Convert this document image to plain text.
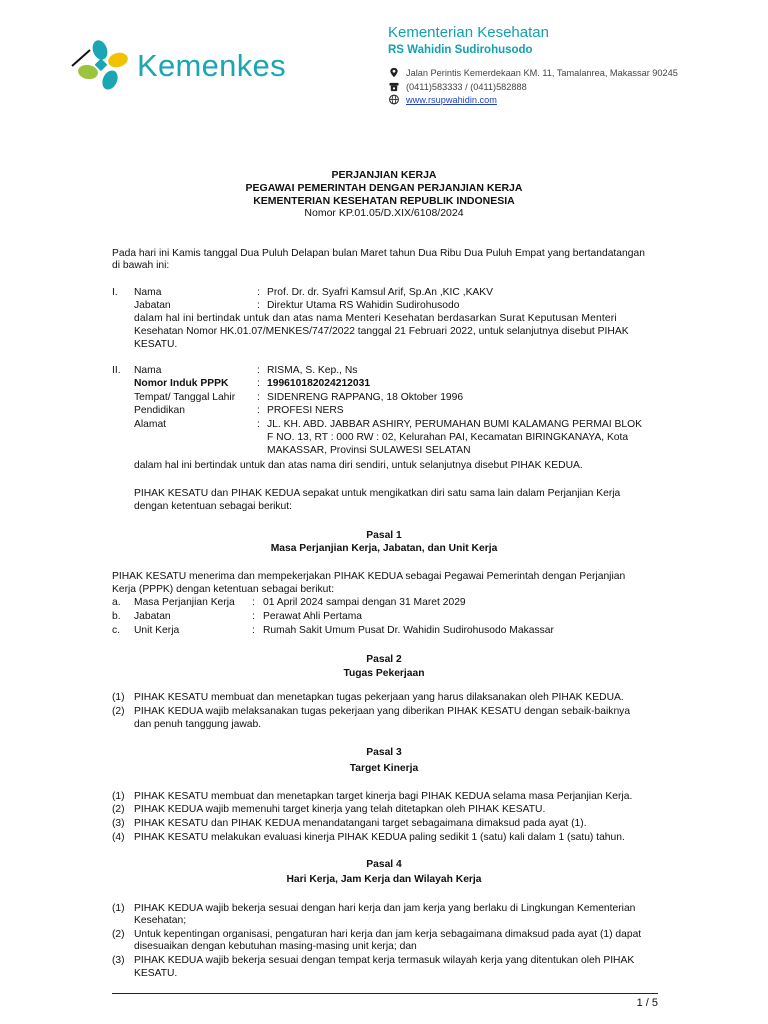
Kemenkes
Kementerian Kesehatan
RS Wahidin Sudirohusodo
Jalan Perintis Kemerdekaan KM. 11, Tamalanrea, Makassar 90245
(0411)583333 / (0411)582888
www.rsupwahidin.com
PERJANJIAN KERJA
PEGAWAI PEMERINTAH DENGAN PERJANJIAN KERJA
KEMENTERIAN KESEHATAN REPUBLIK INDONESIA
Nomor KP.01.05/D.XIX/6108/2024
Pada hari ini Kamis tanggal Dua Puluh Delapan bulan Maret tahun Dua Ribu Dua Puluh Empat yang bertandatangan
di bawah ini:
I. Nama	: Prof. Dr. dr. Syafri Kamsul Arif, Sp.An ,KIC ,KAKV
Jabatan	: Direktur Utama RS Wahidin Sudirohusodo
dalam hal ini bertindak untuk dan atas nama Menteri Kesehatan berdasarkan Surat Keputusan Menteri
Kesehatan Nomor HK.01.07/MENKES/747/2022 tanggal 21 Februari 2022, untuk selanjutnya disebut PIHAK
KESATU.
II. Nama	: RISMA, S. Kep., Ns
Nomor Induk PPPK	: 199610182024212031
Tempat/ Tanggal Lahir : SIDENRENG RAPPANG, 18 Oktober 1996
Pendidikan	: PROFESI NERS
Alamat	: JL. KH. ABD. JABBAR ASHIRY, PERUMAHAN BUMI KALAMANG PERMAI BLOK
F NO. 13, RT : 000 RW : 02, Kelurahan PAI, Kecamatan BIRINGKANAYA, Kota
MAKASSAR, Provinsi SULAWESI SELATAN
dalam hal ini bertindak untuk dan atas nama diri sendiri, untuk selanjutnya disebut PIHAK KEDUA.
PIHAK KESATU dan PIHAK KEDUA sepakat untuk mengikatkan diri satu sama lain dalam Perjanjian Kerja
dengan ketentuan sebagai berikut:
Pasal 1
Masa Perjanjian Kerja, Jabatan, dan Unit Kerja
PIHAK KESATU menerima dan mempekerjakan PIHAK KEDUA sebagai Pegawai Pemerintah dengan Perjanjian
Kerja (PPPK) dengan ketentuan sebagai berikut:
a. Masa Perjanjian Kerja : 01 April 2024 sampai dengan 31 Maret 2029
b. Jabatan	: Perawat Ahli Pertama
c. Unit Kerja	: Rumah Sakit Umum Pusat Dr. Wahidin Sudirohusodo Makassar
Pasal 2
Tugas Pekerjaan
(1) PIHAK KESATU membuat dan menetapkan tugas pekerjaan yang harus dilaksanakan oleh PIHAK KEDUA.
(2) PIHAK KEDUA wajib melaksanakan tugas pekerjaan yang diberikan PIHAK KESATU dengan sebaik-baiknya
dan penuh tanggung jawab.
Pasal 3
Target Kinerja
(1) PIHAK KESATU membuat dan menetapkan target kinerja bagi PIHAK KEDUA selama masa Perjanjian Kerja.
(2) PIHAK KEDUA wajib memenuhi target kinerja yang telah ditetapkan oleh PIHAK KESATU.
(3) PIHAK KESATU dan PIHAK KEDUA menandatangani target sebagaimana dimaksud pada ayat (1).
(4) PIHAK KESATU melakukan evaluasi kinerja PIHAK KEDUA paling sedikit 1 (satu) kali dalam 1 (satu) tahun.
Pasal 4
Hari Kerja, Jam Kerja dan Wilayah Kerja
(1) PIHAK KEDUA wajib bekerja sesuai dengan hari kerja dan jam kerja yang berlaku di Lingkungan Kementerian
Kesehatan;
(2) Untuk kepentingan organisasi, pengaturan hari kerja dan jam kerja sebagaimana dimaksud pada ayat (1) dapat
disesuaikan dengan kebutuhan masing-masing unit kerja; dan
(3) PIHAK KEDUA wajib bekerja sesuai dengan tempat kerja termasuk wilayah kerja yang ditentukan oleh PIHAK
KESATU.
1 / 5
